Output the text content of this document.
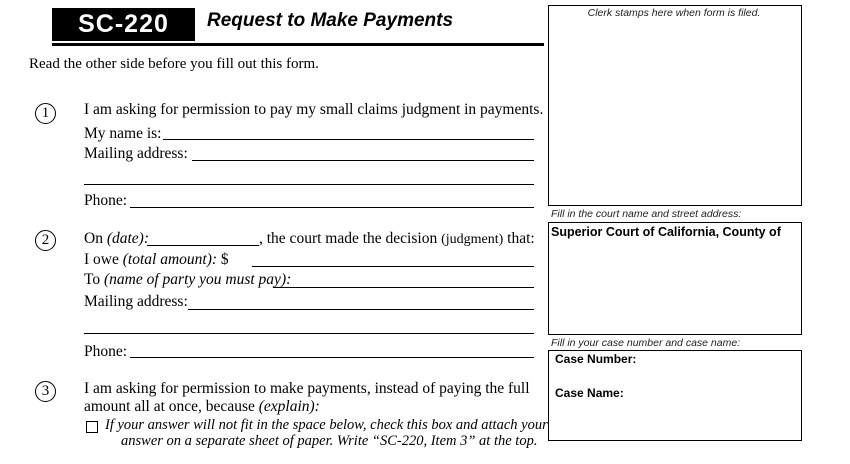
SC-220	Request to Make Payments
Read the other side before you fill out this form.
1	I am asking for permission to pay my small claims judgment in payments.
My name is:
Mailing address:
Phone:
2	On (date):	, the court made the decision (judgment) that:
I owe (total amount): $
To (name of party you must pay):
Mailing address:
Phone:
3	I am asking for permission to make payments, instead of paying the full
amount all at once, because (explain):
If your answer will not fit in the space below, check this box and attach your
answer on a separate sheet of paper. Write “SC-220, Item 3” at the top.
Clerk stamps here when form is filed.
Fill in the court name and street address:
Superior Court of California, County of
Fill in your case number and case name:
Case Number:
Case Name:
